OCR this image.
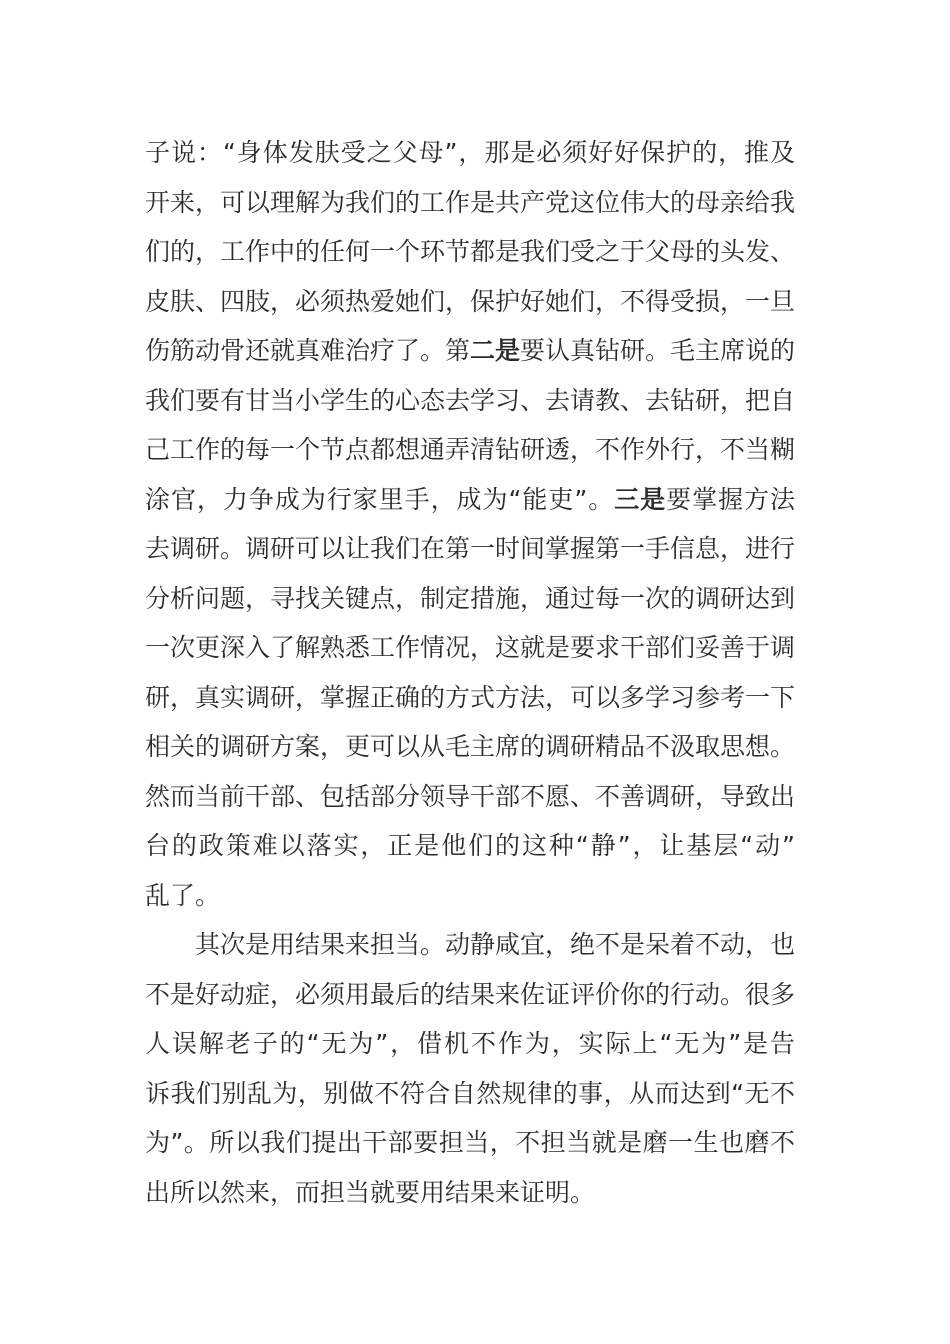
子说：“身体发肤受之父母”，那是必须好好保护的，推及
开来，可以理解为我们的工作是共产党这位伟大的母亲给我
们的，工作中的任何一个环节都是我们受之于父母的头发、
皮肤、四肢，必须热爱她们，保护好她们，不得受损，一旦
伤筋动骨还就真难治疗了。第二是要认真钻研。毛主席说的
我们要有甘当小学生的心态去学习、去请教、去钻研，把自
己工作的每一个节点都想通弄清钻研透，不作外行，不当糊
涂官，力争成为行家里手，成为“能吏”。三是要掌握方法
去调研。调研可以让我们在第一时间掌握第一手信息，进行
分析问题，寻找关键点，制定措施，通过每一次的调研达到
一次更深入了解熟悉工作情况，这就是要求干部们妥善于调
研，真实调研，掌握正确的方式方法，可以多学习参考一下
相关的调研方案，更可以从毛主席的调研精品不汲取思想。
然而当前干部、包括部分领导干部不愿、不善调研，导致出
台的政策难以落实，正是他们的这种“静”，让基层“动”
乱了。
其次是用结果来担当。动静咸宜，绝不是呆着不动，也
不是好动症，必须用最后的结果来佐证评价你的行动。很多
人误解老子的“无为”，借机不作为，实际上“无为”是告
诉我们别乱为，别做不符合自然规律的事，从而达到“无不
为”。所以我们提出干部要担当，不担当就是磨一生也磨不
出所以然来，而担当就要用结果来证明。
